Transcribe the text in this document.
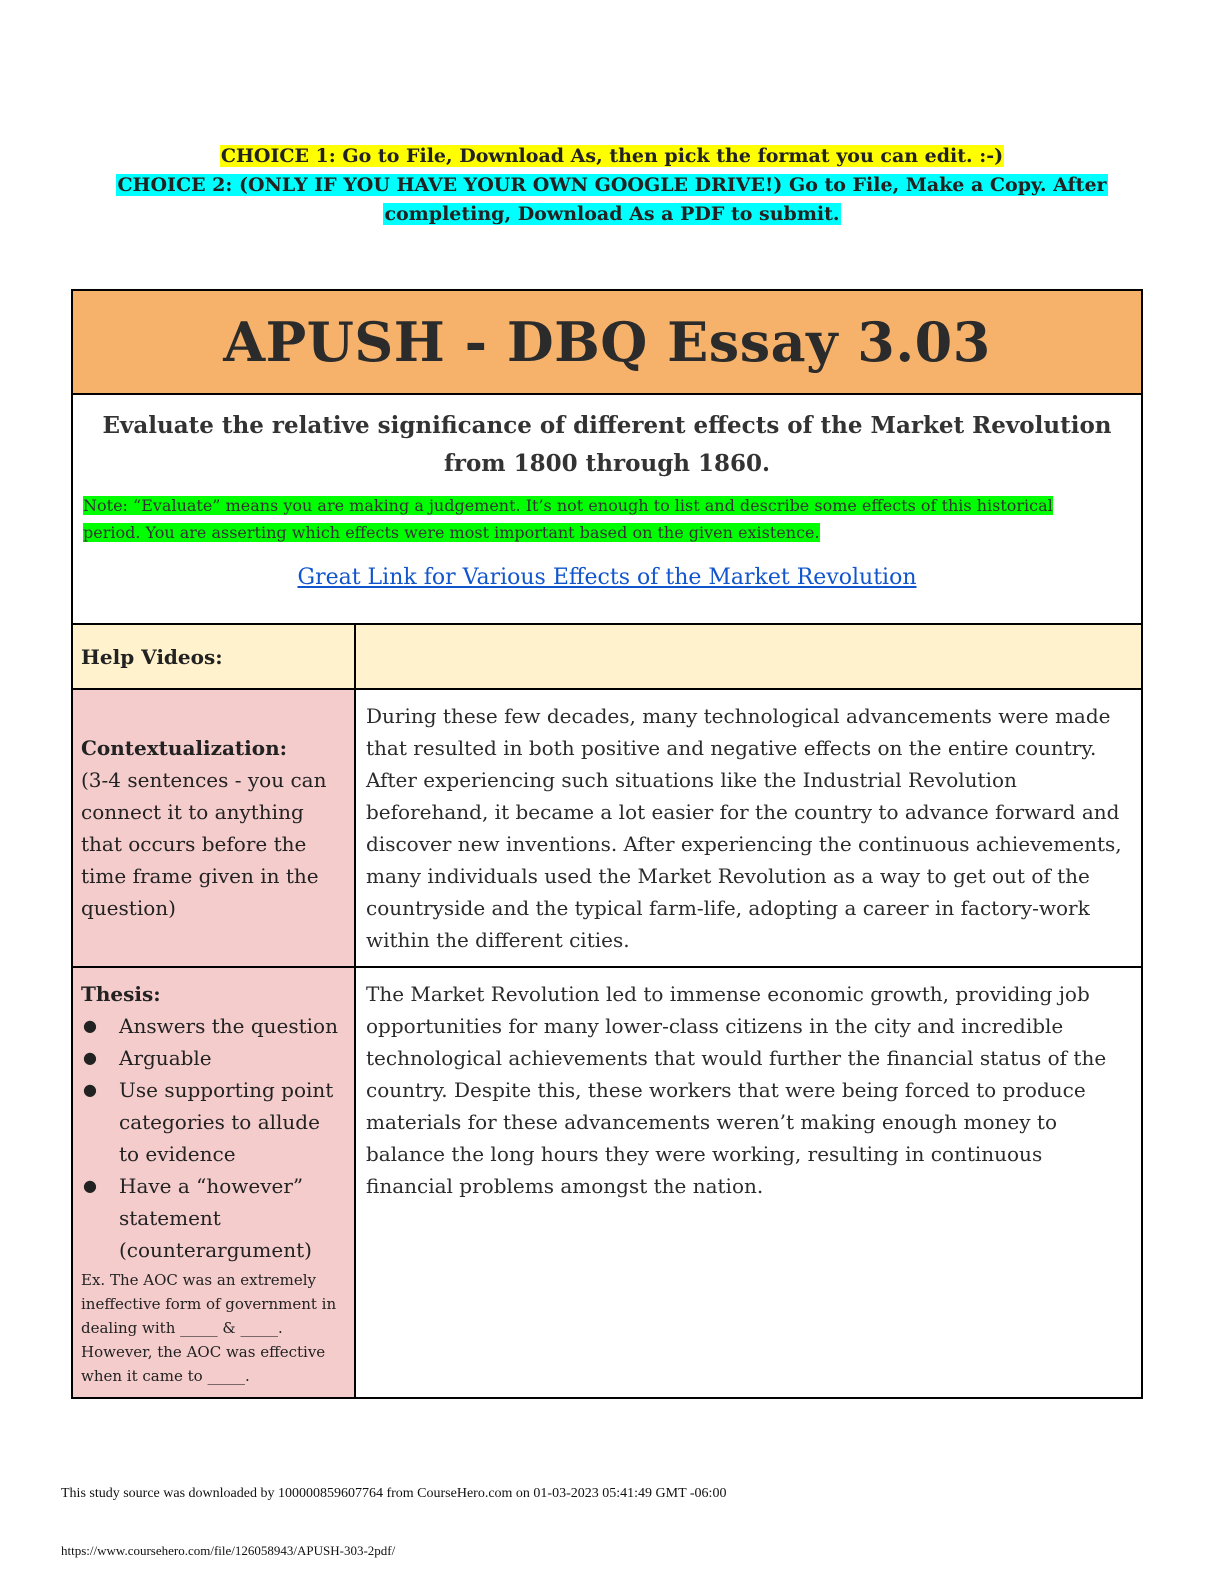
CHOICE 1: Go to File, Download As, then pick the format you can edit. :-)
CHOICE 2: (ONLY IF YOU HAVE YOUR OWN GOOGLE DRIVE!) Go to File, Make a Copy. After
completing, Download As a PDF to submit.
APUSH - DBQ Essay 3.03

Evaluate the relative significance of different effects of the Market Revolution from 1800 through 1860.

Note: “Evaluate” means you are making a judgement. It’s not enough to list and describe some effects of this historical
period. You are asserting which effects were most important based on the given existence.
Great Link for Various Effects of the Market Revolution
Help Videos:
Contextualization:
(3-4 sentences - you can connect it to anything that occurs before the time frame given in the question)
During these few decades, many technological advancements were made that resulted in both positive and negative effects on the entire country. After experiencing such situations like the Industrial Revolution beforehand, it became a lot easier for the country to advance forward and discover new inventions. After experiencing the continuous achievements, many individuals used the Market Revolution as a way to get out of the countryside and the typical farm-life, adopting a career in factory-work within the different cities.
Thesis:
● Answers the question
● Arguable
● Use supporting point categories to allude to evidence
● Have a “however” statement (counterargument)
Ex. The AOC was an extremely ineffective form of government in dealing with _____ & _____. However, the AOC was effective when it came to _____.
The Market Revolution led to immense economic growth, providing job opportunities for many lower-class citizens in the city and incredible technological achievements that would further the financial status of the country. Despite this, these workers that were being forced to produce materials for these advancements weren’t making enough money to balance the long hours they were working, resulting in continuous financial problems amongst the nation.
This study source was downloaded by 100000859607764 from CourseHero.com on 01-03-2023 05:41:49 GMT -06:00
https://www.coursehero.com/file/126058943/APUSH-303-2pdf/
